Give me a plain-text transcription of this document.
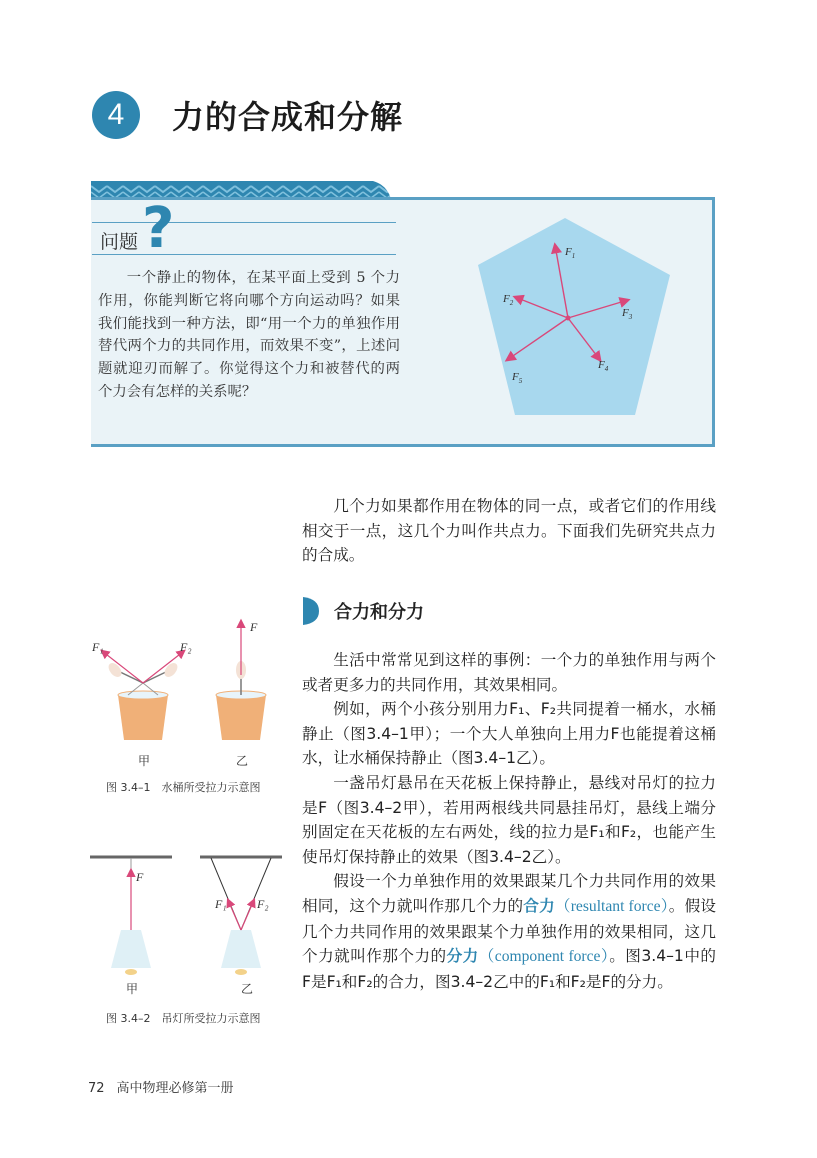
4	力的合成和分解
问题 ?
一个静止的物体，在某平面上受到 5 个力作用，你能判断它将向哪个方向运动吗？如果我们能找到一种方法，即“用一个力的单独作用替代两个力的共同作用，而效果不变”，上述问题就迎刃而解了。你觉得这个力和被替代的两个力会有怎样的关系呢？
$F_1$
$F_2$
$F_3$
$F_4$
$F_5$

几个力如果都作用在物体的同一点，或者它们的作用线相交于一点，这几个力叫作共点力。下面我们先研究共点力的合成。

合力和分力

生活中常常见到这样的事例：一个力的单独作用与两个或者更多力的共同作用，其效果相同。

例如，两个小孩分别用力F₁、F₂共同提着一桶水，水桶静止（图3.4–1甲）；一个大人单独向上用力F也能提着这桶水，让水桶保持静止（图3.4–1乙）。

一盏吊灯悬吊在天花板上保持静止，悬线对吊灯的拉力是F（图3.4–2甲），若用两根线共同悬挂吊灯，悬线上端分别固定在天花板的左右两处，线的拉力是F₁和F₂，也能产生使吊灯保持静止的效果（图3.4–2乙）。

假设一个力单独作用的效果跟某几个力共同作用的效果相同，这个力就叫作那几个力的合力（resultant force）。假设几个力共同作用的效果跟某个力单独作用的效果相同，这几个力就叫作那个力的分力（component force）。图3.4–1中的F是F₁和F₂的合力，图3.4–2乙中的F₁和F₂是F的分力。

F₁	F₂
F
甲	乙
图 3.4–1　水桶所受拉力示意图
F
F₁	F₂
甲	乙
图 3.4–2　吊灯所受拉力示意图
72 高中物理必修第一册
